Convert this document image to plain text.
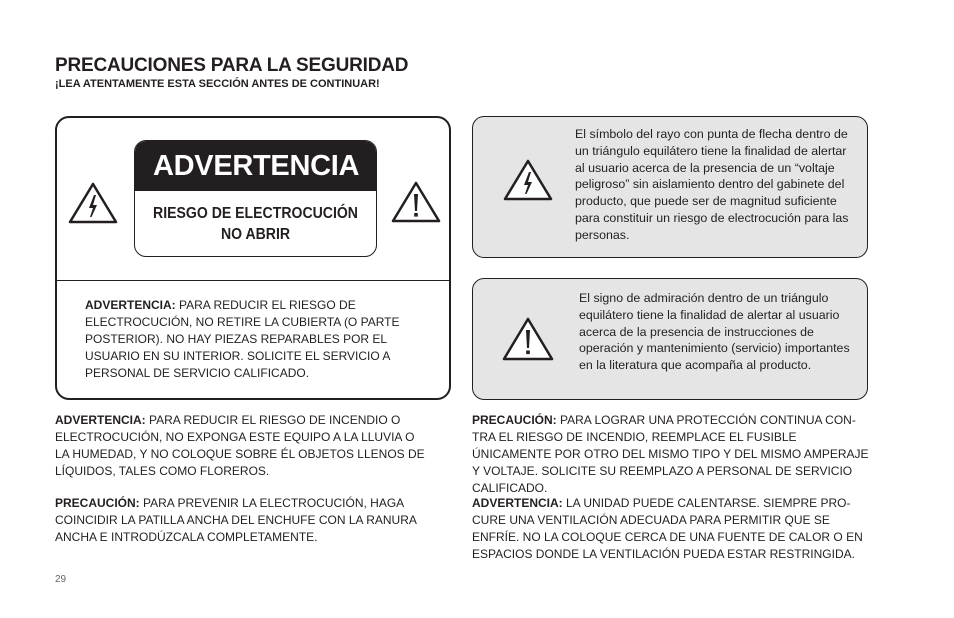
PRECAUCIONES PARA LA SEGURIDAD
¡LEA ATENTAMENTE ESTA SECCIÓN ANTES DE CONTINUAR!
ADVERTENCIA
RIESGO DE ELECTROCUCIÓN
NO ABRIR
ADVERTENCIA: PARA REDUCIR EL RIESGO DE ELECTROCUCIÓN, NO RETIRE LA CUBIERTA (O PARTE POSTERIOR). NO HAY PIEZAS REPARABLES POR EL USUARIO EN SU INTERIOR. SOLICITE EL SERVICIO A PERSONAL DE SERVICIO CALIFICADO.
El símbolo del rayo con punta de flecha dentro de un triángulo equilátero tiene la finalidad de alertar al usuario acerca de la presencia de un “voltaje peligroso” sin aislamiento dentro del gabinete del producto, que puede ser de magnitud suficiente para constituir un riesgo de electrocución para las personas.
El signo de admiración dentro de un triángulo equilátero tiene la finalidad de alertar al usuario acerca de la presencia de instrucciones de operación y mantenimiento (servicio) importantes en la literatura que acompaña al producto.
ADVERTENCIA: PARA REDUCIR EL RIESGO DE INCENDIO O ELECTROCUCIÓN, NO EXPONGA ESTE EQUIPO A LA LLUVIA O LA HUMEDAD, Y NO COLOQUE SOBRE ÉL OBJETOS LLENOS DE LÍQUIDOS, TALES COMO FLOREROS.
PRECAUCIÓN: PARA PREVENIR LA ELECTROCUCIÓN, HAGA COINCIDIR LA PATILLA ANCHA DEL ENCHUFE CON LA RANURA ANCHA E INTRODÚZCALA COMPLETAMENTE.
PRECAUCIÓN: PARA LOGRAR UNA PROTECCIÓN CONTINUA CON-TRA EL RIESGO DE INCENDIO, REEMPLACE EL FUSIBLE ÚNICAMENTE POR OTRO DEL MISMO TIPO Y DEL MISMO AMPERAJE Y VOLTAJE. SOLICITE SU REEMPLAZO A PERSONAL DE SERVICIO CALIFICADO.
ADVERTENCIA: LA UNIDAD PUEDE CALENTARSE. SIEMPRE PRO-CURE UNA VENTILACIÓN ADECUADA PARA PERMITIR QUE SE ENFRÍE. NO LA COLOQUE CERCA DE UNA FUENTE DE CALOR O EN ESPACIOS DONDE LA VENTILACIÓN PUEDA ESTAR RESTRINGIDA.
29
